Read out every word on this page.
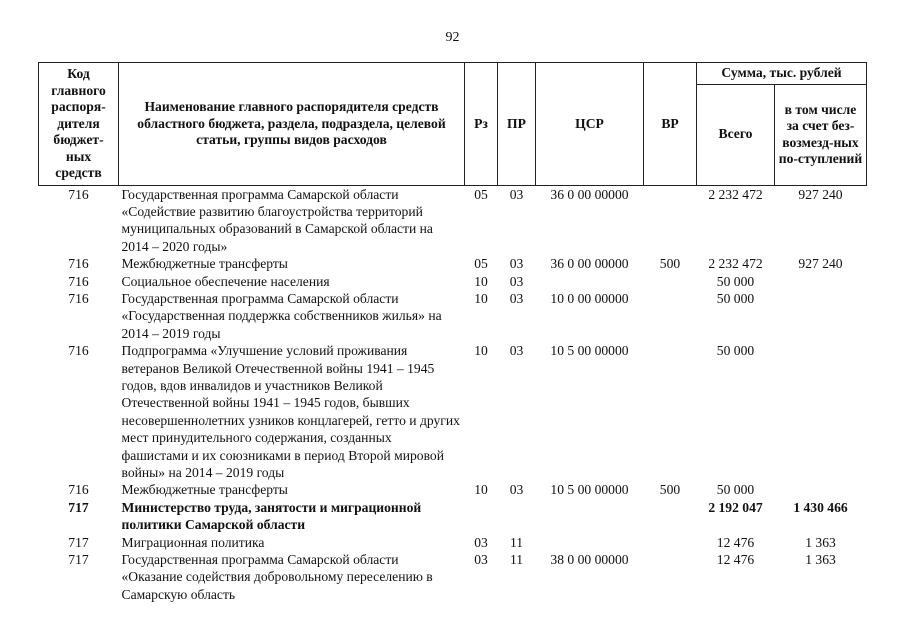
92
Код главного распоря-дителя бюджет-ных средств	Наименование главного распорядителя средств областного бюджета, раздела, подраздела, целевой статьи, группы видов расходов	Рз	ПР	ЦСР	ВР	Сумма, тыс. рублей	
						Всего	в том числе за счет без-возмезд-ных по-ступлений
716	Государственная программа Самарской области «Содействие развитию благоустройства территорий муниципальных образований в Самарской области на 2014 – 2020 годы»	05	03	36 0 00 00000		2 232 472	927 240
716	Межбюджетные трансферты	05	03	36 0 00 00000	500	2 232 472	927 240
716	Социальное обеспечение населения	10	03			50 000	
716	Государственная программа Самарской области «Государственная поддержка собственников жилья» на 2014 – 2019 годы	10	03	10 0 00 00000		50 000	
716	Подпрограмма «Улучшение условий проживания ветеранов Великой Отечественной войны 1941 – 1945 годов, вдов инвалидов и участников Великой Отечественной войны 1941 – 1945 годов, бывших несовершеннолетних узников концлагерей, гетто и других мест принудительного содержания, созданных фашистами и их союзниками в период Второй мировой войны» на 2014 – 2019 годы	10	03	10 5 00 00000		50 000	
716	Межбюджетные трансферты	10	03	10 5 00 00000	500	50 000	
717	Министерство труда, занятости и миграционной политики Самарской области					2 192 047	1 430 466
717	Миграционная политика	03	11			12 476	1 363
717	Государственная программа Самарской области «Оказание содействия добровольному переселению в Самарскую область	03	11	38 0 00 00000		12 476	1 363
